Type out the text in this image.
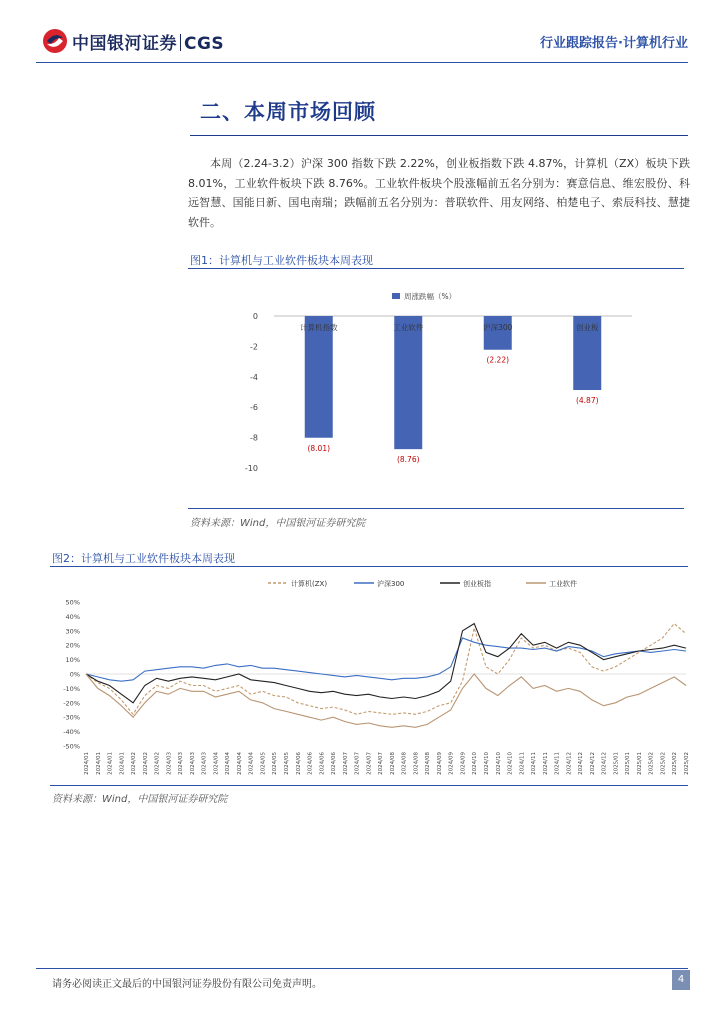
中国银河证券 CGS	行业跟踪报告·计算机行业
二、本周市场回顾
本周（2.24-3.2）沪深 300 指数下跌 2.22%，创业板指数下跌 4.87%，计算机（ZX）板块下跌 8.01%，工业软件板块下跌 8.76%。工业软件板块个股涨幅前五名分别为：赛意信息、维宏股份、科远智慧、国能日新、国电南瑞；跌幅前五名分别为：普联软件、用友网络、柏楚电子、索辰科技、慧捷软件。
图1：计算机与工业软件板块本周表现
周涨跌幅（%）
0
-2
-4
-6
-8
-10
计算机指数	工业软件	沪深300	创业板
(8.01)
(8.76)
(2.22)
(4.87)
资料来源：Wind，中国银河证券研究院
图2：计算机与工业软件板块本周表现
计算机(ZX)	沪深300	创业板指	工业软件
50%
40%
30%
20%
10%
0%
-10%
-20%
-30%
-40%
-50%
2024/01 2024/01 2024/01 2024/01 2024/02 2024/02 2024/02 2024/03 2024/03 2024/03 2024/03 2024/04 2024/04 2024/04 2024/04 2024/05 2024/05 2024/05 2024/06 2024/06 2024/06 2024/06 2024/07 2024/07 2024/07 2024/07 2024/08 2024/08 2024/08 2024/08 2024/09 2024/09 2024/09 2024/10 2024/10 2024/10 2024/10 2024/11 2024/11 2024/11 2024/11 2024/12 2024/12 2024/12 2024/12 2025/01 2025/01 2025/01 2025/02 2025/02 2025/02 2025/02
资料来源：Wind，中国银河证券研究院
请务必阅读正文最后的中国银河证券股份有限公司免责声明。	4
